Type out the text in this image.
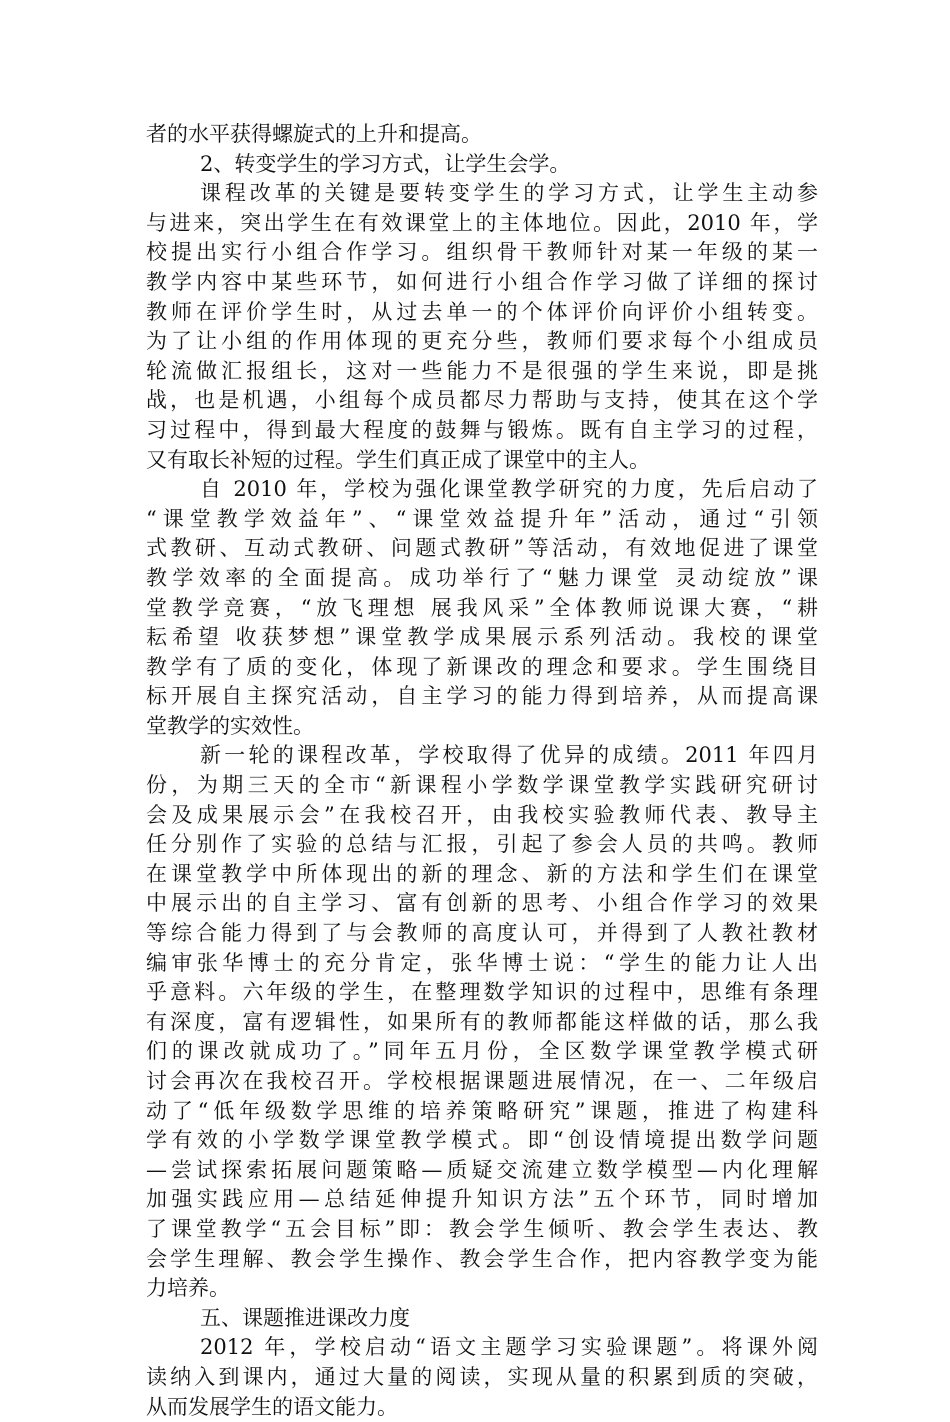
者的水平获得螺旋式的上升和提高。
2、转变学生的学习方式，让学生会学。
课程改革的关键是要转变学生的学习方式，让学生主动参
与进来，突出学生在有效课堂上的主体地位。因此，2010 年，学
校提出实行小组合作学习。组织骨干教师针对某一年级的某一
教学内容中某些环节，如何进行小组合作学习做了详细的探讨
教师在评价学生时，从过去单一的个体评价向评价小组转变。
为了让小组的作用体现的更充分些，教师们要求每个小组成员
轮流做汇报组长，这对一些能力不是很强的学生来说，即是挑
战，也是机遇，小组每个成员都尽力帮助与支持，使其在这个学
习过程中，得到最大程度的鼓舞与锻炼。既有自主学习的过程，
又有取长补短的过程。学生们真正成了课堂中的主人。
自 2010 年，学校为强化课堂教学研究的力度，先后启动了
“课堂教学效益年”、“课堂效益提升年”活动，通过“引领
式教研、互动式教研、问题式教研”等活动，有效地促进了课堂
教学效率的全面提高。成功举行了“魅力课堂 灵动绽放”课
堂教学竞赛，“放飞理想 展我风采”全体教师说课大赛，“耕
耘希望 收获梦想”课堂教学成果展示系列活动。我校的课堂
教学有了质的变化，体现了新课改的理念和要求。学生围绕目
标开展自主探究活动，自主学习的能力得到培养，从而提高课
堂教学的实效性。
新一轮的课程改革，学校取得了优异的成绩。2011 年四月
份，为期三天的全市“新课程小学数学课堂教学实践研究研讨
会及成果展示会”在我校召开，由我校实验教师代表、教导主
任分别作了实验的总结与汇报，引起了参会人员的共鸣。教师
在课堂教学中所体现出的新的理念、新的方法和学生们在课堂
中展示出的自主学习、富有创新的思考、小组合作学习的效果
等综合能力得到了与会教师的高度认可，并得到了人教社教材
编审张华博士的充分肯定，张华博士说：“学生的能力让人出
乎意料。六年级的学生，在整理数学知识的过程中，思维有条理
有深度，富有逻辑性，如果所有的教师都能这样做的话，那么我
们的课改就成功了。”同年五月份，全区数学课堂教学模式研
讨会再次在我校召开。学校根据课题进展情况，在一、二年级启
动了“低年级数学思维的培养策略研究”课题，推进了构建科
学有效的小学数学课堂教学模式。即“创设情境提出数学问题
—尝试探索拓展问题策略—质疑交流建立数学模型—内化理解
加强实践应用—总结延伸提升知识方法”五个环节，同时增加
了课堂教学“五会目标”即：教会学生倾听、教会学生表达、教
会学生理解、教会学生操作、教会学生合作，把内容教学变为能
力培养。
五、课题推进课改力度
2012 年，学校启动“语文主题学习实验课题”。将课外阅
读纳入到课内，通过大量的阅读，实现从量的积累到质的突破，
从而发展学生的语文能力。
